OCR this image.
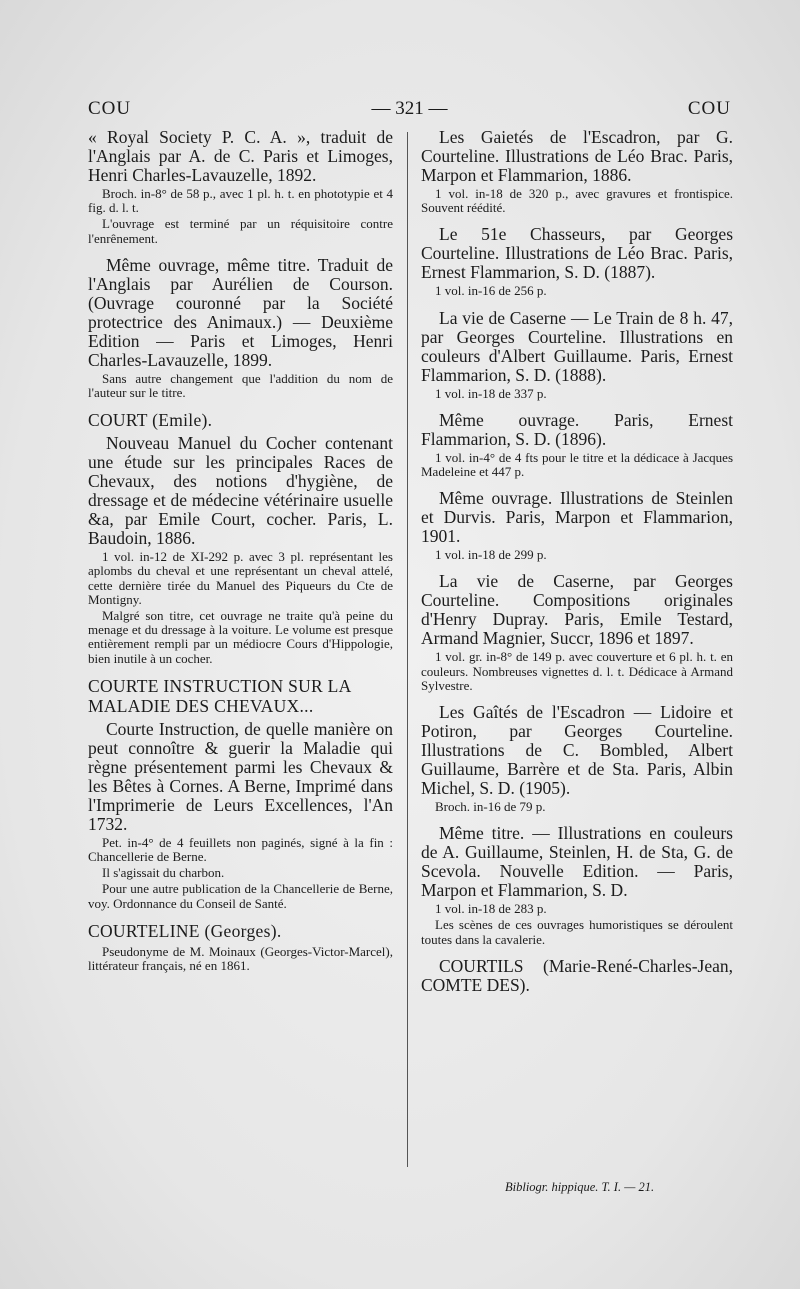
COU	— 321 —	COU

« Royal Society P. C. A. », traduit de l'Anglais par A. de C. Paris et Limoges, Henri Charles-Lavauzelle, 1892.

Broch. in-8° de 58 p., avec 1 pl. h. t. en phototypie et 4 fig. d. l. t.

L'ouvrage est terminé par un réquisitoire contre l'enrênement.

Même ouvrage, même titre. Traduit de l'Anglais par Aurélien de Courson. (Ouvrage couronné par la Société protectrice des Animaux.) — Deuxième Edition — Paris et Limoges, Henri Charles-Lavauzelle, 1899.

Sans autre changement que l'addition du nom de l'auteur sur le titre.

COURT (Emile).

Nouveau Manuel du Cocher contenant une étude sur les principales Races de Chevaux, des notions d'hygiène, de dressage et de médecine vétérinaire usuelle &a, par Emile Court, cocher. Paris, L. Baudoin, 1886.

1 vol. in-12 de XI-292 p. avec 3 pl. représentant les aplombs du cheval et une représentant un cheval attelé, cette dernière tirée du Manuel des Piqueurs du Cte de Montigny.

Malgré son titre, cet ouvrage ne traite qu'à peine du menage et du dressage à la voiture. Le volume est presque entièrement rempli par un médiocre Cours d'Hippologie, bien inutile à un cocher.

COURTE INSTRUCTION SUR LA MALADIE DES CHEVAUX...

Courte Instruction, de quelle manière on peut connoître & guerir la Maladie qui règne présentement parmi les Chevaux & les Bêtes à Cornes. A Berne, Imprimé dans l'Imprimerie de Leurs Excellences, l'An 1732.

Pet. in-4° de 4 feuillets non paginés, signé à la fin : Chancellerie de Berne.

Il s'agissait du charbon.

Pour une autre publication de la Chancellerie de Berne, voy. Ordonnance du Conseil de Santé.

COURTELINE (Georges).

Pseudonyme de M. Moinaux (Georges-Victor-Marcel), littérateur français, né en 1861.

Les Gaietés de l'Escadron, par G. Courteline. Illustrations de Léo Brac. Paris, Marpon et Flammarion, 1886.

1 vol. in-18 de 320 p., avec gravures et frontispice. Souvent réédité.

Le 51e Chasseurs, par Georges Courteline. Illustrations de Léo Brac. Paris, Ernest Flammarion, S. D. (1887).

1 vol. in-16 de 256 p.

La vie de Caserne — Le Train de 8 h. 47, par Georges Courteline. Illustrations en couleurs d'Albert Guillaume. Paris, Ernest Flammarion, S. D. (1888).

1 vol. in-18 de 337 p.

Même ouvrage. Paris, Ernest Flammarion, S. D. (1896).

1 vol. in-4° de 4 fts pour le titre et la dédicace à Jacques Madeleine et 447 p.

Même ouvrage. Illustrations de Steinlen et Durvis. Paris, Marpon et Flammarion, 1901.

1 vol. in-18 de 299 p.

La vie de Caserne, par Georges Courteline. Compositions originales d'Henry Dupray. Paris, Emile Testard, Armand Magnier, Succr, 1896 et 1897.

1 vol. gr. in-8° de 149 p. avec couverture et 6 pl. h. t. en couleurs. Nombreuses vignettes d. l. t. Dédicace à Armand Sylvestre.

Les Gaîtés de l'Escadron — Lidoire et Potiron, par Georges Courteline. Illustrations de C. Bombled, Albert Guillaume, Barrère et de Sta. Paris, Albin Michel, S. D. (1905).

Broch. in-16 de 79 p.

Même titre. — Illustrations en couleurs de A. Guillaume, Steinlen, H. de Sta, G. de Scevola. Nouvelle Edition. — Paris, Marpon et Flammarion, S. D.

1 vol. in-18 de 283 p.

Les scènes de ces ouvrages humoristiques se déroulent toutes dans la cavalerie.

COURTILS (Marie-René-Charles-Jean, COMTE DES).

Bibliogr. hippique. T. I. — 21.
